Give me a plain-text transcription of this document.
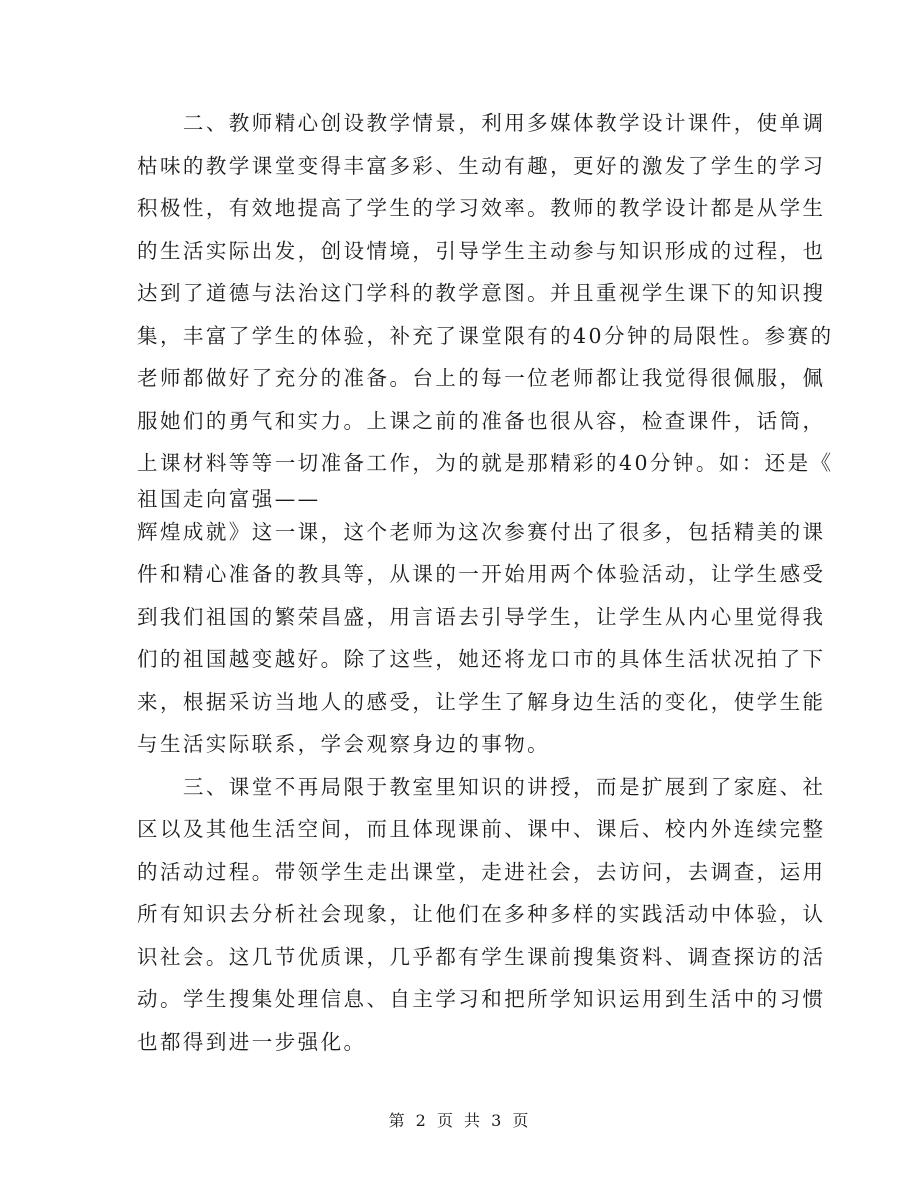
　　二、教师精心创设教学情景，利用多媒体教学设计课件，使单调
枯味的教学课堂变得丰富多彩、生动有趣，更好的激发了学生的学习
积极性，有效地提高了学生的学习效率。教师的教学设计都是从学生
的生活实际出发，创设情境，引导学生主动参与知识形成的过程，也
达到了道德与法治这门学科的教学意图。并且重视学生课下的知识搜
集，丰富了学生的体验，补充了课堂限有的40分钟的局限性。参赛的
老师都做好了充分的准备。台上的每一位老师都让我觉得很佩服，佩
服她们的勇气和实力。上课之前的准备也很从容，检查课件，话筒，
上课材料等等一切准备工作，为的就是那精彩的40分钟。如：还是《
祖国走向富强——
辉煌成就》这一课，这个老师为这次参赛付出了很多，包括精美的课
件和精心准备的教具等，从课的一开始用两个体验活动，让学生感受
到我们祖国的繁荣昌盛，用言语去引导学生，让学生从内心里觉得我
们的祖国越变越好。除了这些，她还将龙口市的具体生活状况拍了下
来，根据采访当地人的感受，让学生了解身边生活的变化，使学生能
与生活实际联系，学会观察身边的事物。
　　三、课堂不再局限于教室里知识的讲授，而是扩展到了家庭、社
区以及其他生活空间，而且体现课前、课中、课后、校内外连续完整
的活动过程。带领学生走出课堂，走进社会，去访问，去调查，运用
所有知识去分析社会现象，让他们在多种多样的实践活动中体验，认
识社会。这几节优质课，几乎都有学生课前搜集资料、调查探访的活
动。学生搜集处理信息、自主学习和把所学知识运用到生活中的习惯
也都得到进一步强化。
第 2 页 共 3 页
